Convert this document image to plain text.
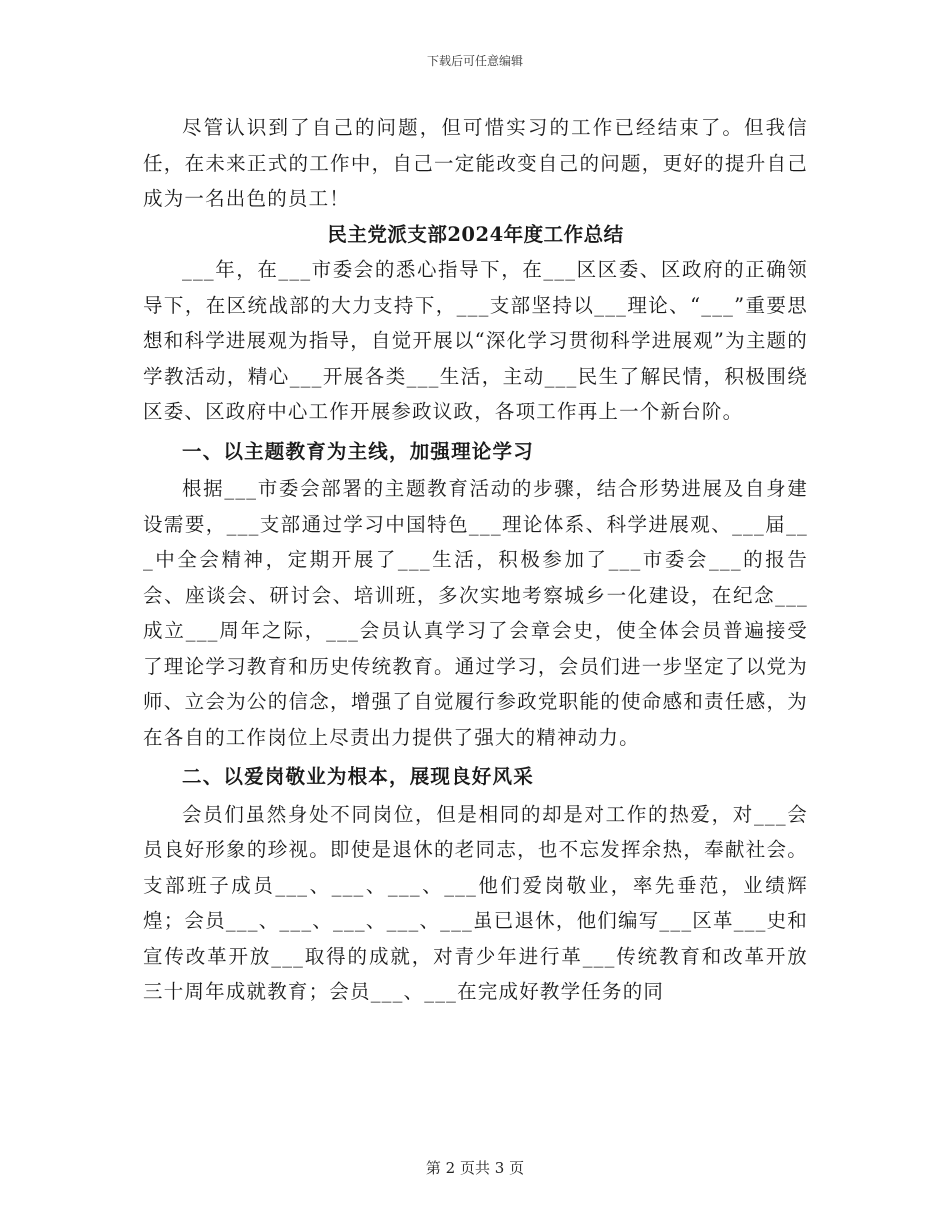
下载后可任意编辑

尽管认识到了自己的问题，但可惜实习的工作已经结束了。但我信任，在未来正式的工作中，自己一定能改变自己的问题，更好的提升自己成为一名出色的员工！

民主党派支部2024年度工作总结

___年，在___市委会的悉心指导下，在___区区委、区政府的正确领导下，在区统战部的大力支持下，___支部坚持以___理论、“___”重要思想和科学进展观为指导，自觉开展以“深化学习贯彻科学进展观”为主题的学教活动，精心___开展各类___生活，主动___民生了解民情，积极围绕区委、区政府中心工作开展参政议政，各项工作再上一个新台阶。

一、以主题教育为主线，加强理论学习

根据___市委会部署的主题教育活动的步骤，结合形势进展及自身建设需要，___支部通过学习中国特色___理论体系、科学进展观、___届___中全会精神，定期开展了___生活，积极参加了___市委会___的报告会、座谈会、研讨会、培训班，多次实地考察城乡一化建设，在纪念___成立___周年之际，___会员认真学习了会章会史，使全体会员普遍接受了理论学习教育和历史传统教育。通过学习，会员们进一步坚定了以党为师、立会为公的信念，增强了自觉履行参政党职能的使命感和责任感，为在各自的工作岗位上尽责出力提供了强大的精神动力。

二、以爱岗敬业为根本，展现良好风采

会员们虽然身处不同岗位，但是相同的却是对工作的热爱，对___会员良好形象的珍视。即使是退休的老同志，也不忘发挥余热，奉献社会。支部班子成员___、___、___、___他们爱岗敬业，率先垂范，业绩辉煌；会员___、___、___、___、___虽已退休，他们编写___区革___史和宣传改革开放___取得的成就，对青少年进行革___传统教育和改革开放三十周年成就教育；会员___、___在完成好教学任务的同

第 2 页共 3 页
